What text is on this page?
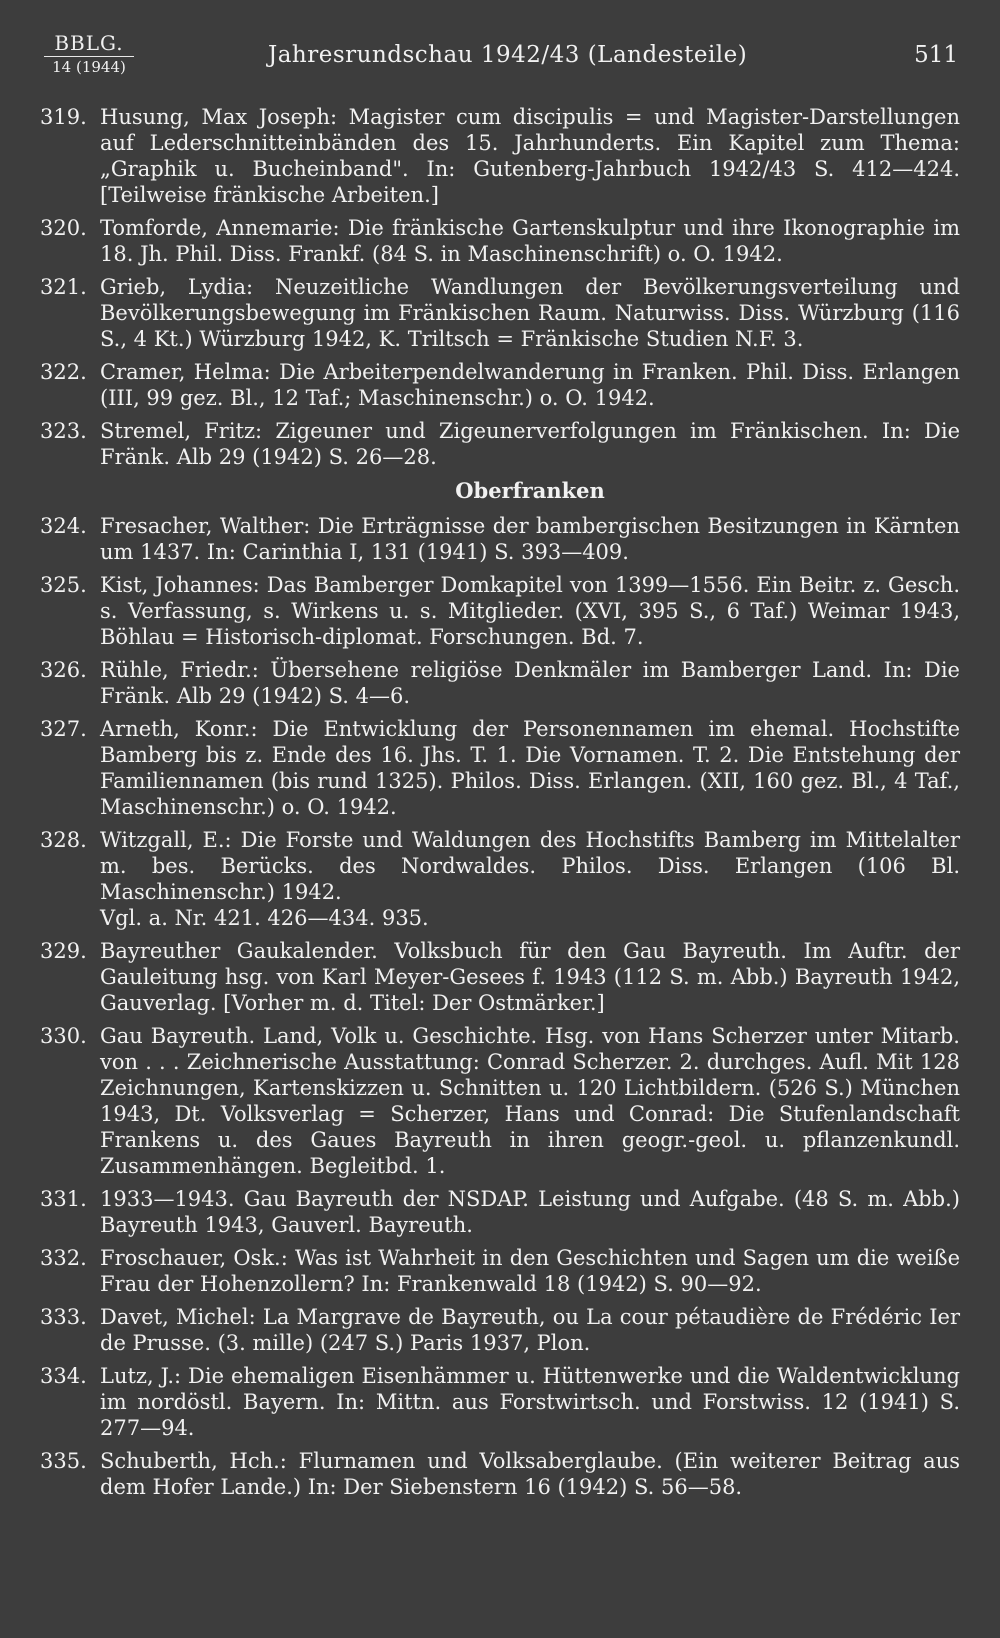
BBLG.
14 (1944)	Jahresrundschau 1942/43 (Landesteile)	511
319. Husung, Max Joseph: Magister cum discipulis = und Magister-Darstellungen auf Lederschnitteinbänden des 15. Jahrhunderts. Ein Kapitel zum Thema: „Graphik u. Bucheinband". In: Gutenberg-Jahrbuch 1942/43 S. 412—424. [Teilweise fränkische Arbeiten.]
320. Tomforde, Annemarie: Die fränkische Gartenskulptur und ihre Ikonographie im 18. Jh. Phil. Diss. Frankf. (84 S. in Maschinenschrift) o. O. 1942.
321. Grieb, Lydia: Neuzeitliche Wandlungen der Bevölkerungsverteilung und Bevölkerungsbewegung im Fränkischen Raum. Naturwiss. Diss. Würzburg (116 S., 4 Kt.) Würzburg 1942, K. Triltsch = Fränkische Studien N.F. 3.
322. Cramer, Helma: Die Arbeiterpendelwanderung in Franken. Phil. Diss. Erlangen (III, 99 gez. Bl., 12 Taf.; Maschinenschr.) o. O. 1942.
323. Stremel, Fritz: Zigeuner und Zigeunerverfolgungen im Fränkischen. In: Die Fränk. Alb 29 (1942) S. 26—28.
Oberfranken
324. Fresacher, Walther: Die Erträgnisse der bambergischen Besitzungen in Kärnten um 1437. In: Carinthia I, 131 (1941) S. 393—409.
325. Kist, Johannes: Das Bamberger Domkapitel von 1399—1556. Ein Beitr. z. Gesch. s. Verfassung, s. Wirkens u. s. Mitglieder. (XVI, 395 S., 6 Taf.) Weimar 1943, Böhlau = Historisch-diplomat. Forschungen. Bd. 7.
326. Rühle, Friedr.: Übersehene religiöse Denkmäler im Bamberger Land. In: Die Fränk. Alb 29 (1942) S. 4—6.
327. Arneth, Konr.: Die Entwicklung der Personennamen im ehemal. Hochstifte Bamberg bis z. Ende des 16. Jhs. T. 1. Die Vornamen. T. 2. Die Entstehung der Familiennamen (bis rund 1325). Philos. Diss. Erlangen. (XII, 160 gez. Bl., 4 Taf., Maschinenschr.) o. O. 1942.
328. Witzgall, E.: Die Forste und Waldungen des Hochstifts Bamberg im Mittelalter m. bes. Berücks. des Nordwaldes. Philos. Diss. Erlangen (106 Bl. Maschinenschr.) 1942.
Vgl. a. Nr. 421. 426—434. 935.
329. Bayreuther Gaukalender. Volksbuch für den Gau Bayreuth. Im Auftr. der Gauleitung hsg. von Karl Meyer-Gesees f. 1943 (112 S. m. Abb.) Bayreuth 1942, Gauverlag. [Vorher m. d. Titel: Der Ostmärker.]
330. Gau Bayreuth. Land, Volk u. Geschichte. Hsg. von Hans Scherzer unter Mitarb. von . . . Zeichnerische Ausstattung: Conrad Scherzer. 2. durchges. Aufl. Mit 128 Zeichnungen, Kartenskizzen u. Schnitten u. 120 Lichtbildern. (526 S.) München 1943, Dt. Volksverlag = Scherzer, Hans und Conrad: Die Stufenlandschaft Frankens u. des Gaues Bayreuth in ihren geogr.-geol. u. pflanzenkundl. Zusammenhängen. Begleitbd. 1.
331. 1933—1943. Gau Bayreuth der NSDAP. Leistung und Aufgabe. (48 S. m. Abb.) Bayreuth 1943, Gauverl. Bayreuth.
332. Froschauer, Osk.: Was ist Wahrheit in den Geschichten und Sagen um die weiße Frau der Hohenzollern? In: Frankenwald 18 (1942) S. 90—92.
333. Davet, Michel: La Margrave de Bayreuth, ou La cour pétaudière de Frédéric Ier de Prusse. (3. mille) (247 S.) Paris 1937, Plon.
334. Lutz, J.: Die ehemaligen Eisenhämmer u. Hüttenwerke und die Waldentwicklung im nordöstl. Bayern. In: Mittn. aus Forstwirtsch. und Forstwiss. 12 (1941) S. 277—94.
335. Schuberth, Hch.: Flurnamen und Volksaberglaube. (Ein weiterer Beitrag aus dem Hofer Lande.) In: Der Siebenstern 16 (1942) S. 56—58.
